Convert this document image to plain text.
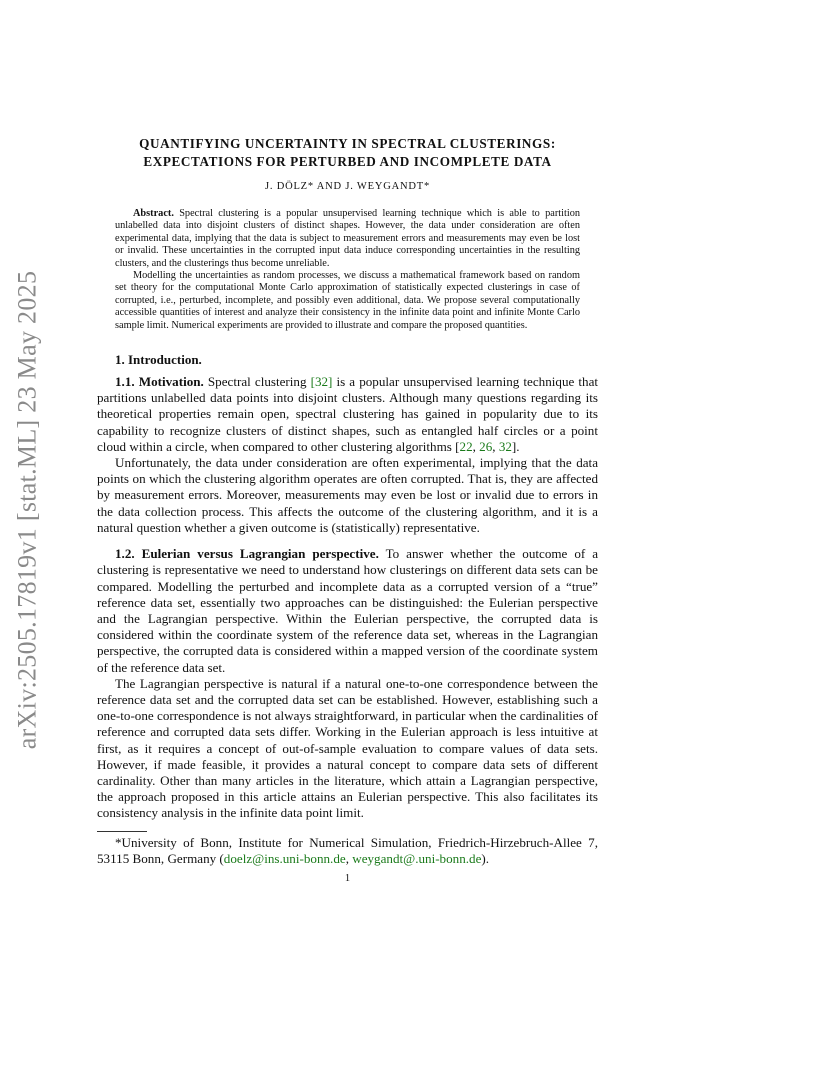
arXiv:2505.17819v1 [stat.ML] 23 May 2025
QUANTIFYING UNCERTAINTY IN SPECTRAL CLUSTERINGS:
EXPECTATIONS FOR PERTURBED AND INCOMPLETE DATA
J. DÖLZ* AND J. WEYGANDT*

Abstract. Spectral clustering is a popular unsupervised learning technique which is able to partition unlabelled data into disjoint clusters of distinct shapes. However, the data under consideration are often experimental data, implying that the data is subject to measurement errors and measurements may even be lost or invalid. These uncertainties in the corrupted input data induce corresponding uncertainties in the resulting clusters, and the clusterings thus become unreliable.

Modelling the uncertainties as random processes, we discuss a mathematical framework based on random set theory for the computational Monte Carlo approximation of statistically expected clusterings in case of corrupted, i.e., perturbed, incomplete, and possibly even additional, data. We propose several computationally accessible quantities of interest and analyze their consistency in the infinite data point and infinite Monte Carlo sample limit. Numerical experiments are provided to illustrate and compare the proposed quantities.

1. Introduction.

1.1. Motivation. Spectral clustering [32] is a popular unsupervised learning technique that partitions unlabelled data points into disjoint clusters. Although many questions regarding its theoretical properties remain open, spectral clustering has gained in popularity due to its capability to recognize clusters of distinct shapes, such as entangled half circles or a point cloud within a circle, when compared to other clustering algorithms [22, 26, 32].

Unfortunately, the data under consideration are often experimental, implying that the data points on which the clustering algorithm operates are often corrupted. That is, they are affected by measurement errors. Moreover, measurements may even be lost or invalid due to errors in the data collection process. This affects the outcome of the clustering algorithm, and it is a natural question whether a given outcome is (statistically) representative.

1.2. Eulerian versus Lagrangian perspective. To answer whether the outcome of a clustering is representative we need to understand how clusterings on different data sets can be compared. Modelling the perturbed and incomplete data as a corrupted version of a “true” reference data set, essentially two approaches can be distinguished: the Eulerian perspective and the Lagrangian perspective. Within the Eulerian perspective, the corrupted data is considered within the coordinate system of the reference data set, whereas in the Lagrangian perspective, the corrupted data is considered within a mapped version of the coordinate system of the reference data set.

The Lagrangian perspective is natural if a natural one-to-one correspondence between the reference data set and the corrupted data set can be established. However, establishing such a one-to-one correspondence is not always straightforward, in particular when the cardinalities of reference and corrupted data sets differ. Working in the Eulerian approach is less intuitive at first, as it requires a concept of out-of-sample evaluation to compare values of data sets. However, if made feasible, it provides a natural concept to compare data sets of different cardinality. Other than many articles in the literature, which attain a Lagrangian perspective, the approach proposed in this article attains an Eulerian perspective. This also facilitates its consistency analysis in the infinite data point limit.

*University of Bonn, Institute for Numerical Simulation, Friedrich-Hirzebruch-Allee 7, 53115 Bonn, Germany (doelz@ins.uni-bonn.de, weygandt@.uni-bonn.de).

1
